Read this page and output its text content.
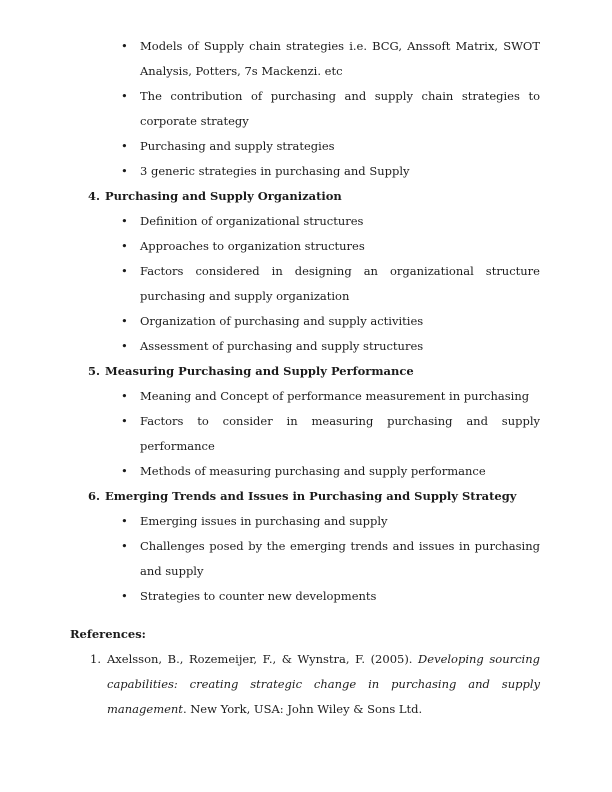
•	Models of Supply chain strategies i.e. BCG, Anssoft Matrix, SWOT Analysis, Potters, 7s Mackenzi. etc
•	The contribution of purchasing and supply chain strategies to corporate strategy
•	Purchasing and supply strategies
•	3 generic strategies in purchasing and Supply
4. Purchasing and Supply Organization
•	Definition of organizational structures
•	Approaches to organization structures
•	Factors considered in designing an organizational structure purchasing and supply organization
•	Organization of purchasing and supply activities
•	Assessment of purchasing and supply structures
5. Measuring Purchasing and Supply Performance
•	Meaning and Concept of performance measurement in purchasing
•	Factors to consider in measuring purchasing and supply performance
•	Methods of measuring purchasing and supply performance
6. Emerging Trends and Issues in Purchasing and Supply Strategy
•	Emerging issues in purchasing and supply
•	Challenges posed by the emerging trends and issues in purchasing and supply
•	Strategies to counter new developments
References:
1. Axelsson, B., Rozemeijer, F., & Wynstra, F. (2005). Developing sourcing capabilities: creating strategic change in purchasing and supply management. New York, USA: John Wiley & Sons Ltd.
